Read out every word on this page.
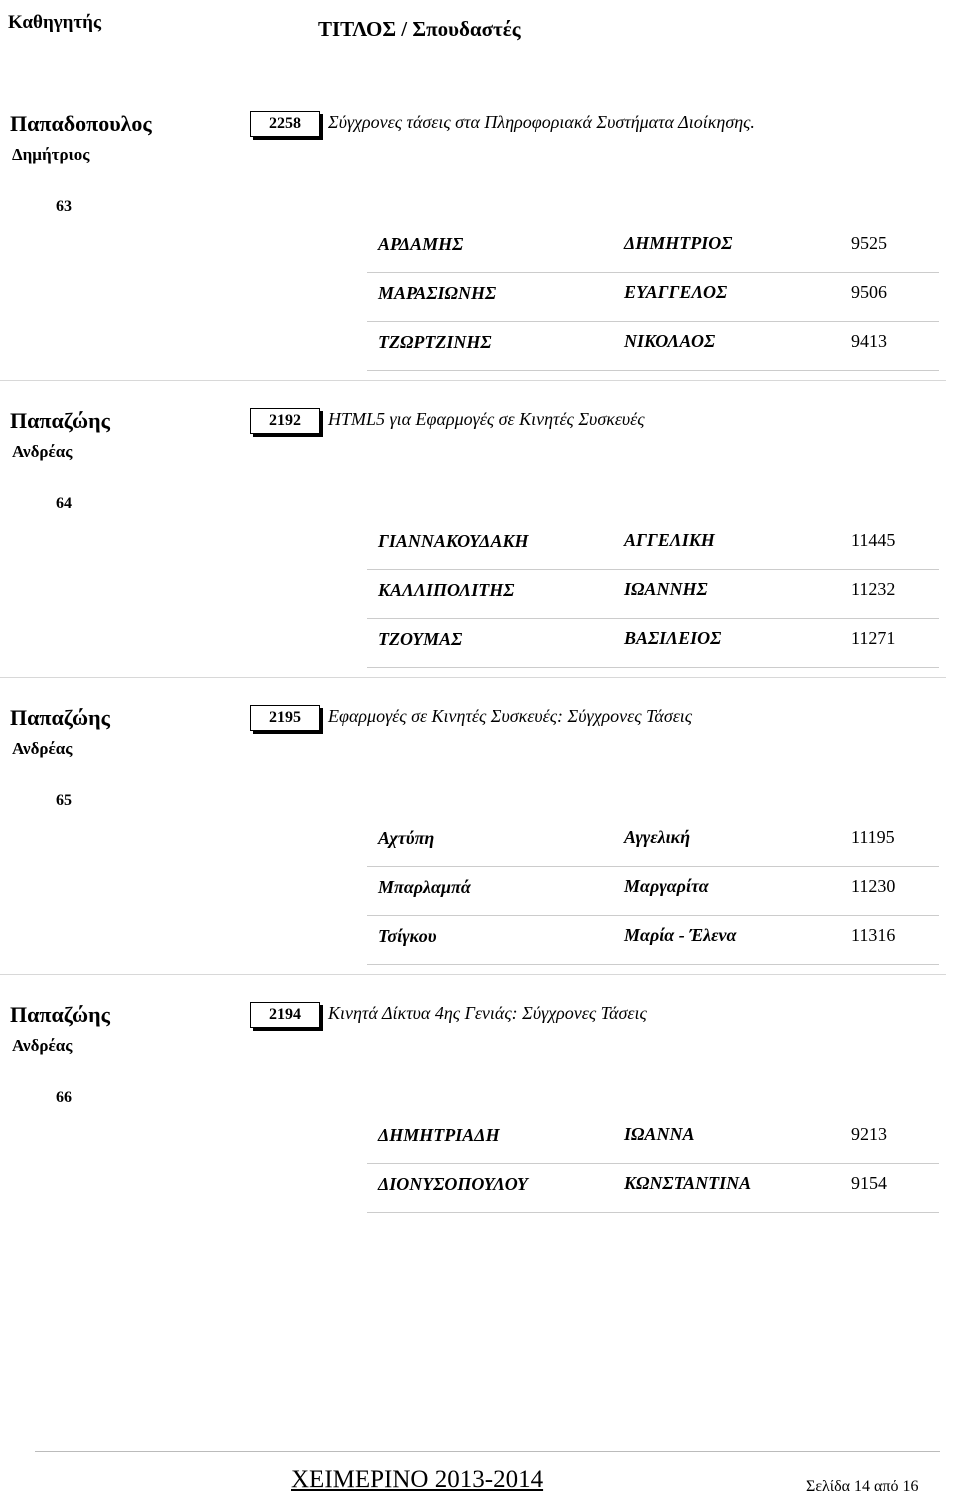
Καθηγητής	ΤΙΤΛΟΣ / Σπουδαστές
Παπαδοπουλος
Δημήτριος
2258	Σύγχρονες τάσεις στα Πληροφοριακά Συστήματα Διοίκησης.
63
ΑΡΔΑΜΗΣ	ΔΗΜΗΤΡΙΟΣ	9525
ΜΑΡΑΣΙΩΝΗΣ	ΕΥΑΓΓΕΛΟΣ	9506
ΤΖΩΡΤΖΙΝΗΣ	ΝΙΚΟΛΑΟΣ	9413
Παπαζώης
Ανδρέας
2192	HTML5 για Εφαρμογές σε Κινητές Συσκευές
64
ΓΙΑΝΝΑΚΟΥΔΑΚΗ	ΑΓΓΕΛΙΚΗ	11445
ΚΑΛΛΙΠΟΛΙΤΗΣ	ΙΩΑΝΝΗΣ	11232
ΤΖΟΥΜΑΣ	ΒΑΣΙΛΕΙΟΣ	11271
Παπαζώης
Ανδρέας
2195	Εφαρμογές σε Κινητές Συσκευές: Σύγχρονες Τάσεις
65
Αχτύπη	Αγγελική	11195
Μπαρλαμπά	Μαργαρίτα	11230
Τσίγκου	Μαρία - Έλενα	11316
Παπαζώης
Ανδρέας
2194	Κινητά Δίκτυα 4ης Γενιάς: Σύγχρονες Τάσεις
66
ΔΗΜΗΤΡΙΑΔΗ	ΙΩΑΝΝΑ	9213
ΔΙΟΝΥΣΟΠΟΥΛΟΥ	ΚΩΝΣΤΑΝΤΙΝΑ	9154
ΧΕΙΜΕΡΙΝΟ 2013-2014	Σελίδα 14 από 16
